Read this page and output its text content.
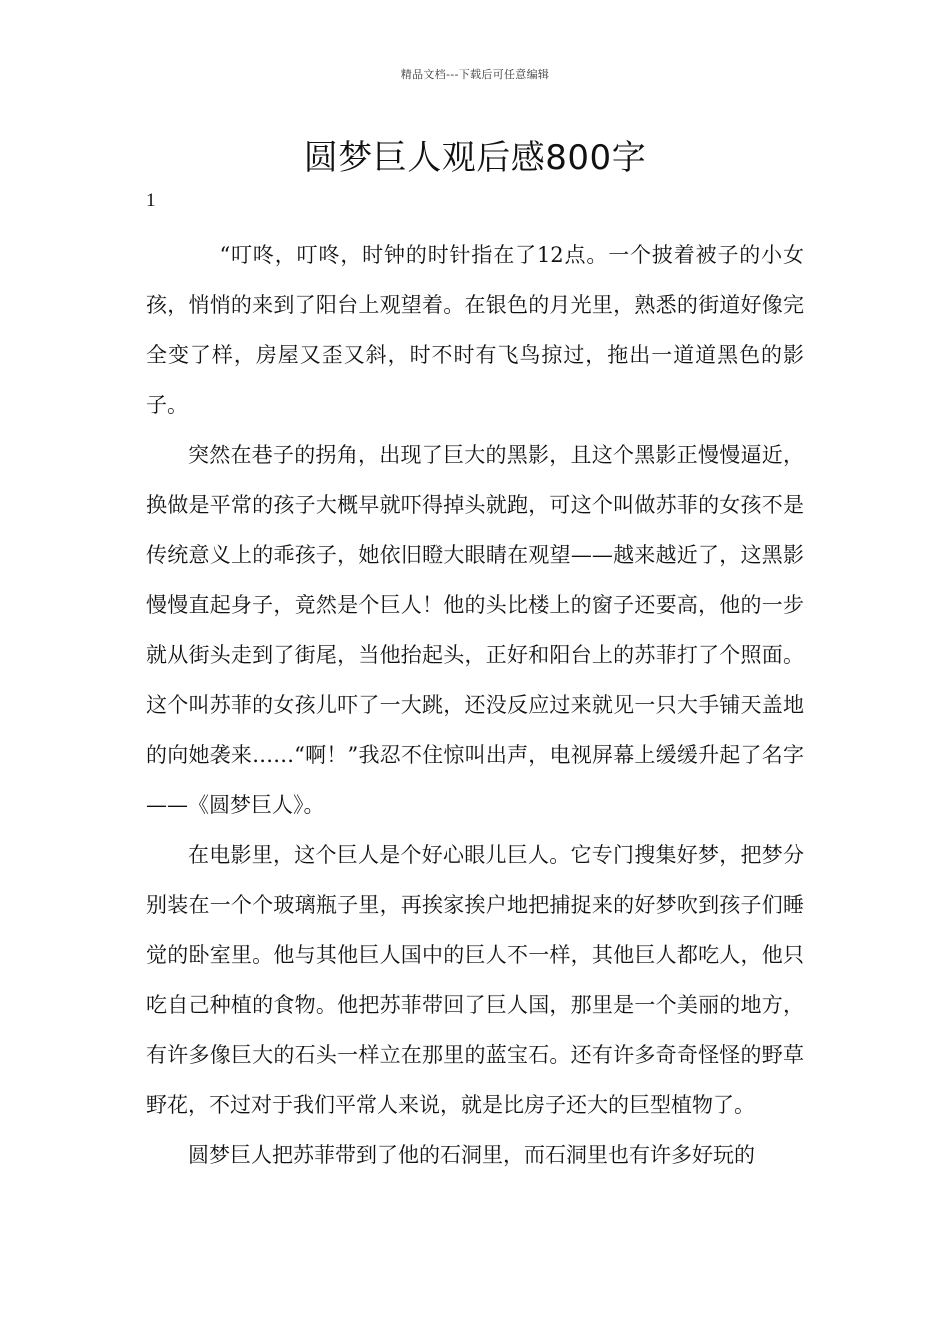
精品文档---下载后可任意编辑
圆梦巨人观后感800字
1

“叮咚，叮咚，时钟的时针指在了12点。一个披着被子的小女孩，悄悄的来到了阳台上观望着。在银色的月光里，熟悉的街道好像完全变了样，房屋又歪又斜，时不时有飞鸟掠过，拖出一道道黑色的影子。

突然在巷子的拐角，出现了巨大的黑影，且这个黑影正慢慢逼近，换做是平常的孩子大概早就吓得掉头就跑，可这个叫做苏菲的女孩不是传统意义上的乖孩子，她依旧瞪大眼睛在观望——越来越近了，这黑影慢慢直起身子，竟然是个巨人！他的头比楼上的窗子还要高，他的一步就从街头走到了街尾，当他抬起头，正好和阳台上的苏菲打了个照面。这个叫苏菲的女孩儿吓了一大跳，还没反应过来就见一只大手铺天盖地的向她袭来……“啊！”我忍不住惊叫出声，电视屏幕上缓缓升起了名字——《圆梦巨人》。

在电影里，这个巨人是个好心眼儿巨人。它专门搜集好梦，把梦分别装在一个个玻璃瓶子里，再挨家挨户地把捕捉来的好梦吹到孩子们睡觉的卧室里。他与其他巨人国中的巨人不一样，其他巨人都吃人，他只吃自己种植的食物。他把苏菲带回了巨人国，那里是一个美丽的地方，有许多像巨大的石头一样立在那里的蓝宝石。还有许多奇奇怪怪的野草野花，不过对于我们平常人来说，就是比房子还大的巨型植物了。

圆梦巨人把苏菲带到了他的石洞里，而石洞里也有许多好玩的
